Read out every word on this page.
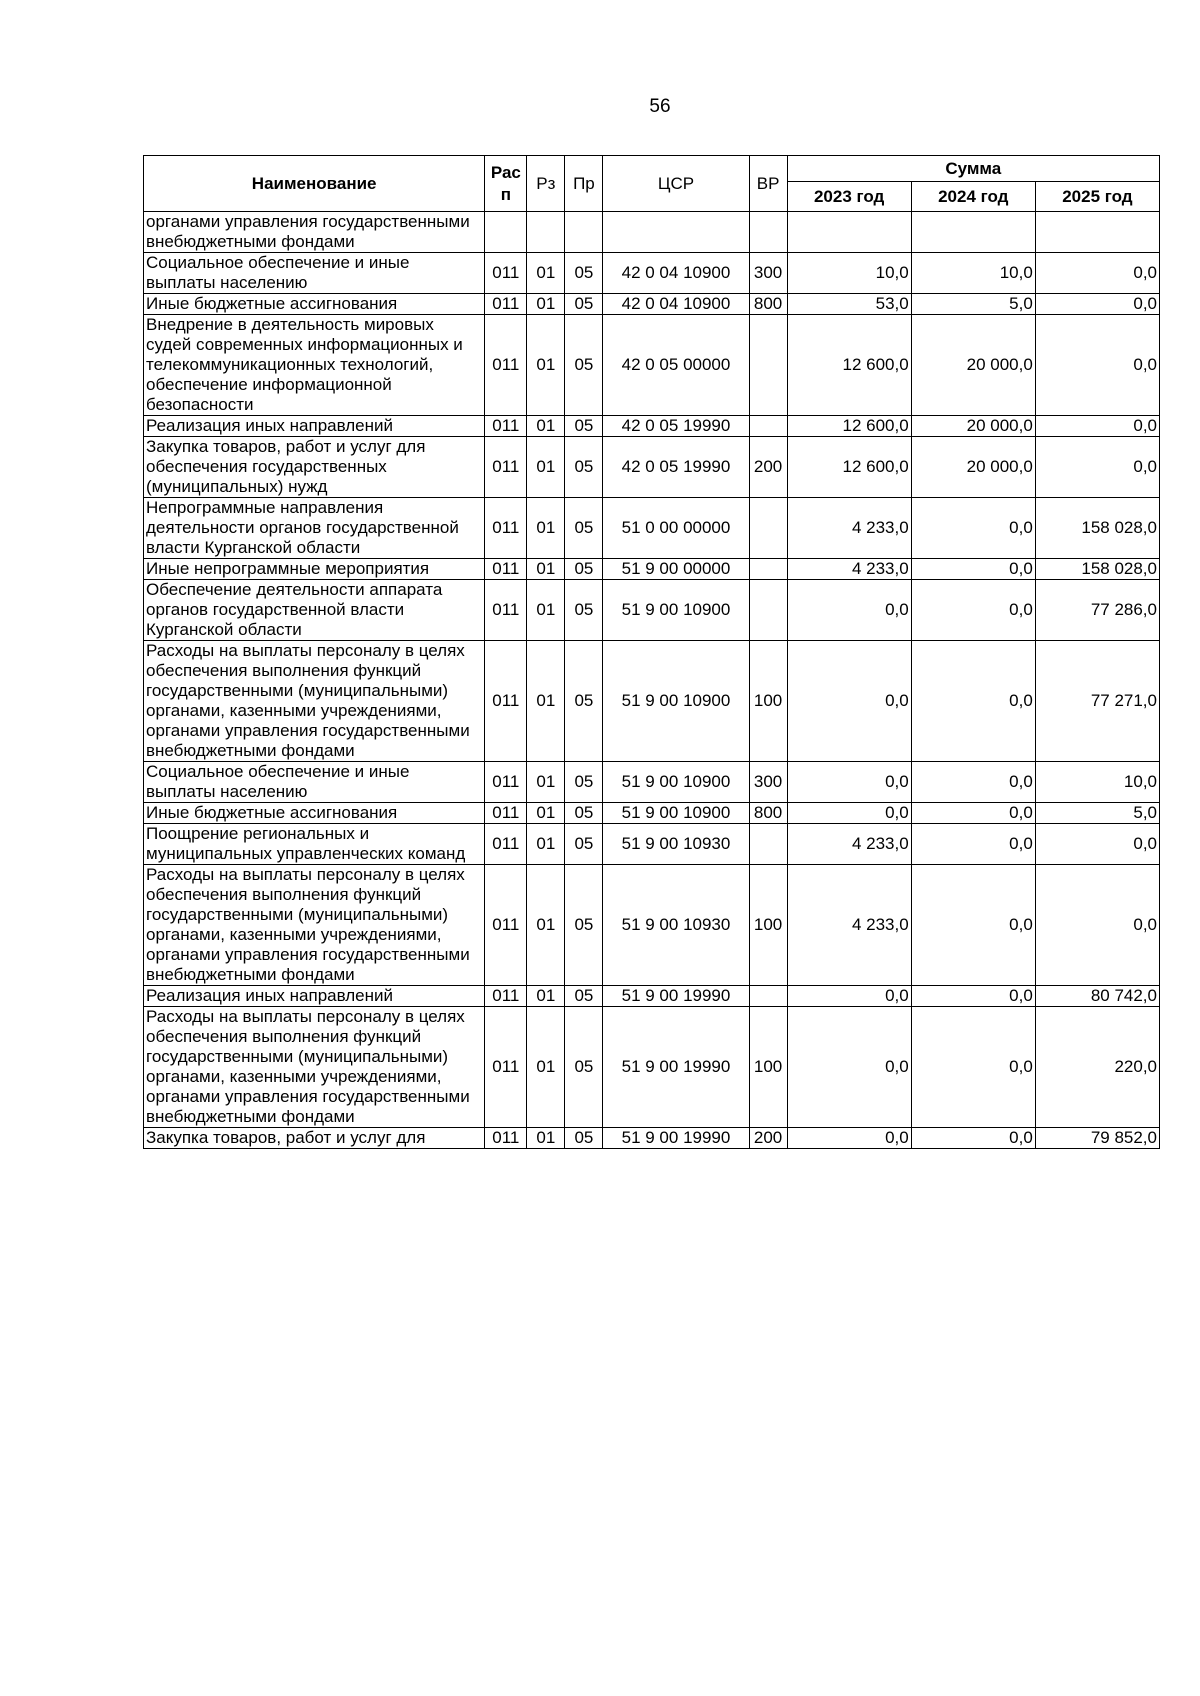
56
Наименование	Рас п	Рз	Пр	ЦСР	ВР	Сумма		
						2023 год	2024 год	2025 год
органами управления государственными внебюджетными фондами								
Социальное обеспечение и иные выплаты населению	011	01	05	42 0 04 10900	300	10,0	10,0	0,0
Иные бюджетные ассигнования	011	01	05	42 0 04 10900	800	53,0	5,0	0,0
Внедрение в деятельность мировых судей современных информационных и телекоммуникационных технологий, обеспечение информационной безопасности	011	01	05	42 0 05 00000		12 600,0	20 000,0	0,0
Реализация иных направлений	011	01	05	42 0 05 19990		12 600,0	20 000,0	0,0
Закупка товаров, работ и услуг для обеспечения государственных (муниципальных) нужд	011	01	05	42 0 05 19990	200	12 600,0	20 000,0	0,0
Непрограммные направления деятельности органов государственной власти Курганской области	011	01	05	51 0 00 00000		4 233,0	0,0	158 028,0
Иные непрограммные мероприятия	011	01	05	51 9 00 00000		4 233,0	0,0	158 028,0
Обеспечение деятельности аппарата органов государственной власти Курганской области	011	01	05	51 9 00 10900		0,0	0,0	77 286,0
Расходы на выплаты персоналу в целях обеспечения выполнения функций государственными (муниципальными) органами, казенными учреждениями, органами управления государственными внебюджетными фондами	011	01	05	51 9 00 10900	100	0,0	0,0	77 271,0
Социальное обеспечение и иные выплаты населению	011	01	05	51 9 00 10900	300	0,0	0,0	10,0
Иные бюджетные ассигнования	011	01	05	51 9 00 10900	800	0,0	0,0	5,0
Поощрение региональных и муниципальных управленческих команд	011	01	05	51 9 00 10930		4 233,0	0,0	0,0
Расходы на выплаты персоналу в целях обеспечения выполнения функций государственными (муниципальными) органами, казенными учреждениями, органами управления государственными внебюджетными фондами	011	01	05	51 9 00 10930	100	4 233,0	0,0	0,0
Реализация иных направлений	011	01	05	51 9 00 19990		0,0	0,0	80 742,0
Расходы на выплаты персоналу в целях обеспечения выполнения функций государственными (муниципальными) органами, казенными учреждениями, органами управления государственными внебюджетными фондами	011	01	05	51 9 00 19990	100	0,0	0,0	220,0
Закупка товаров, работ и услуг для	011	01	05	51 9 00 19990	200	0,0	0,0	79 852,0
